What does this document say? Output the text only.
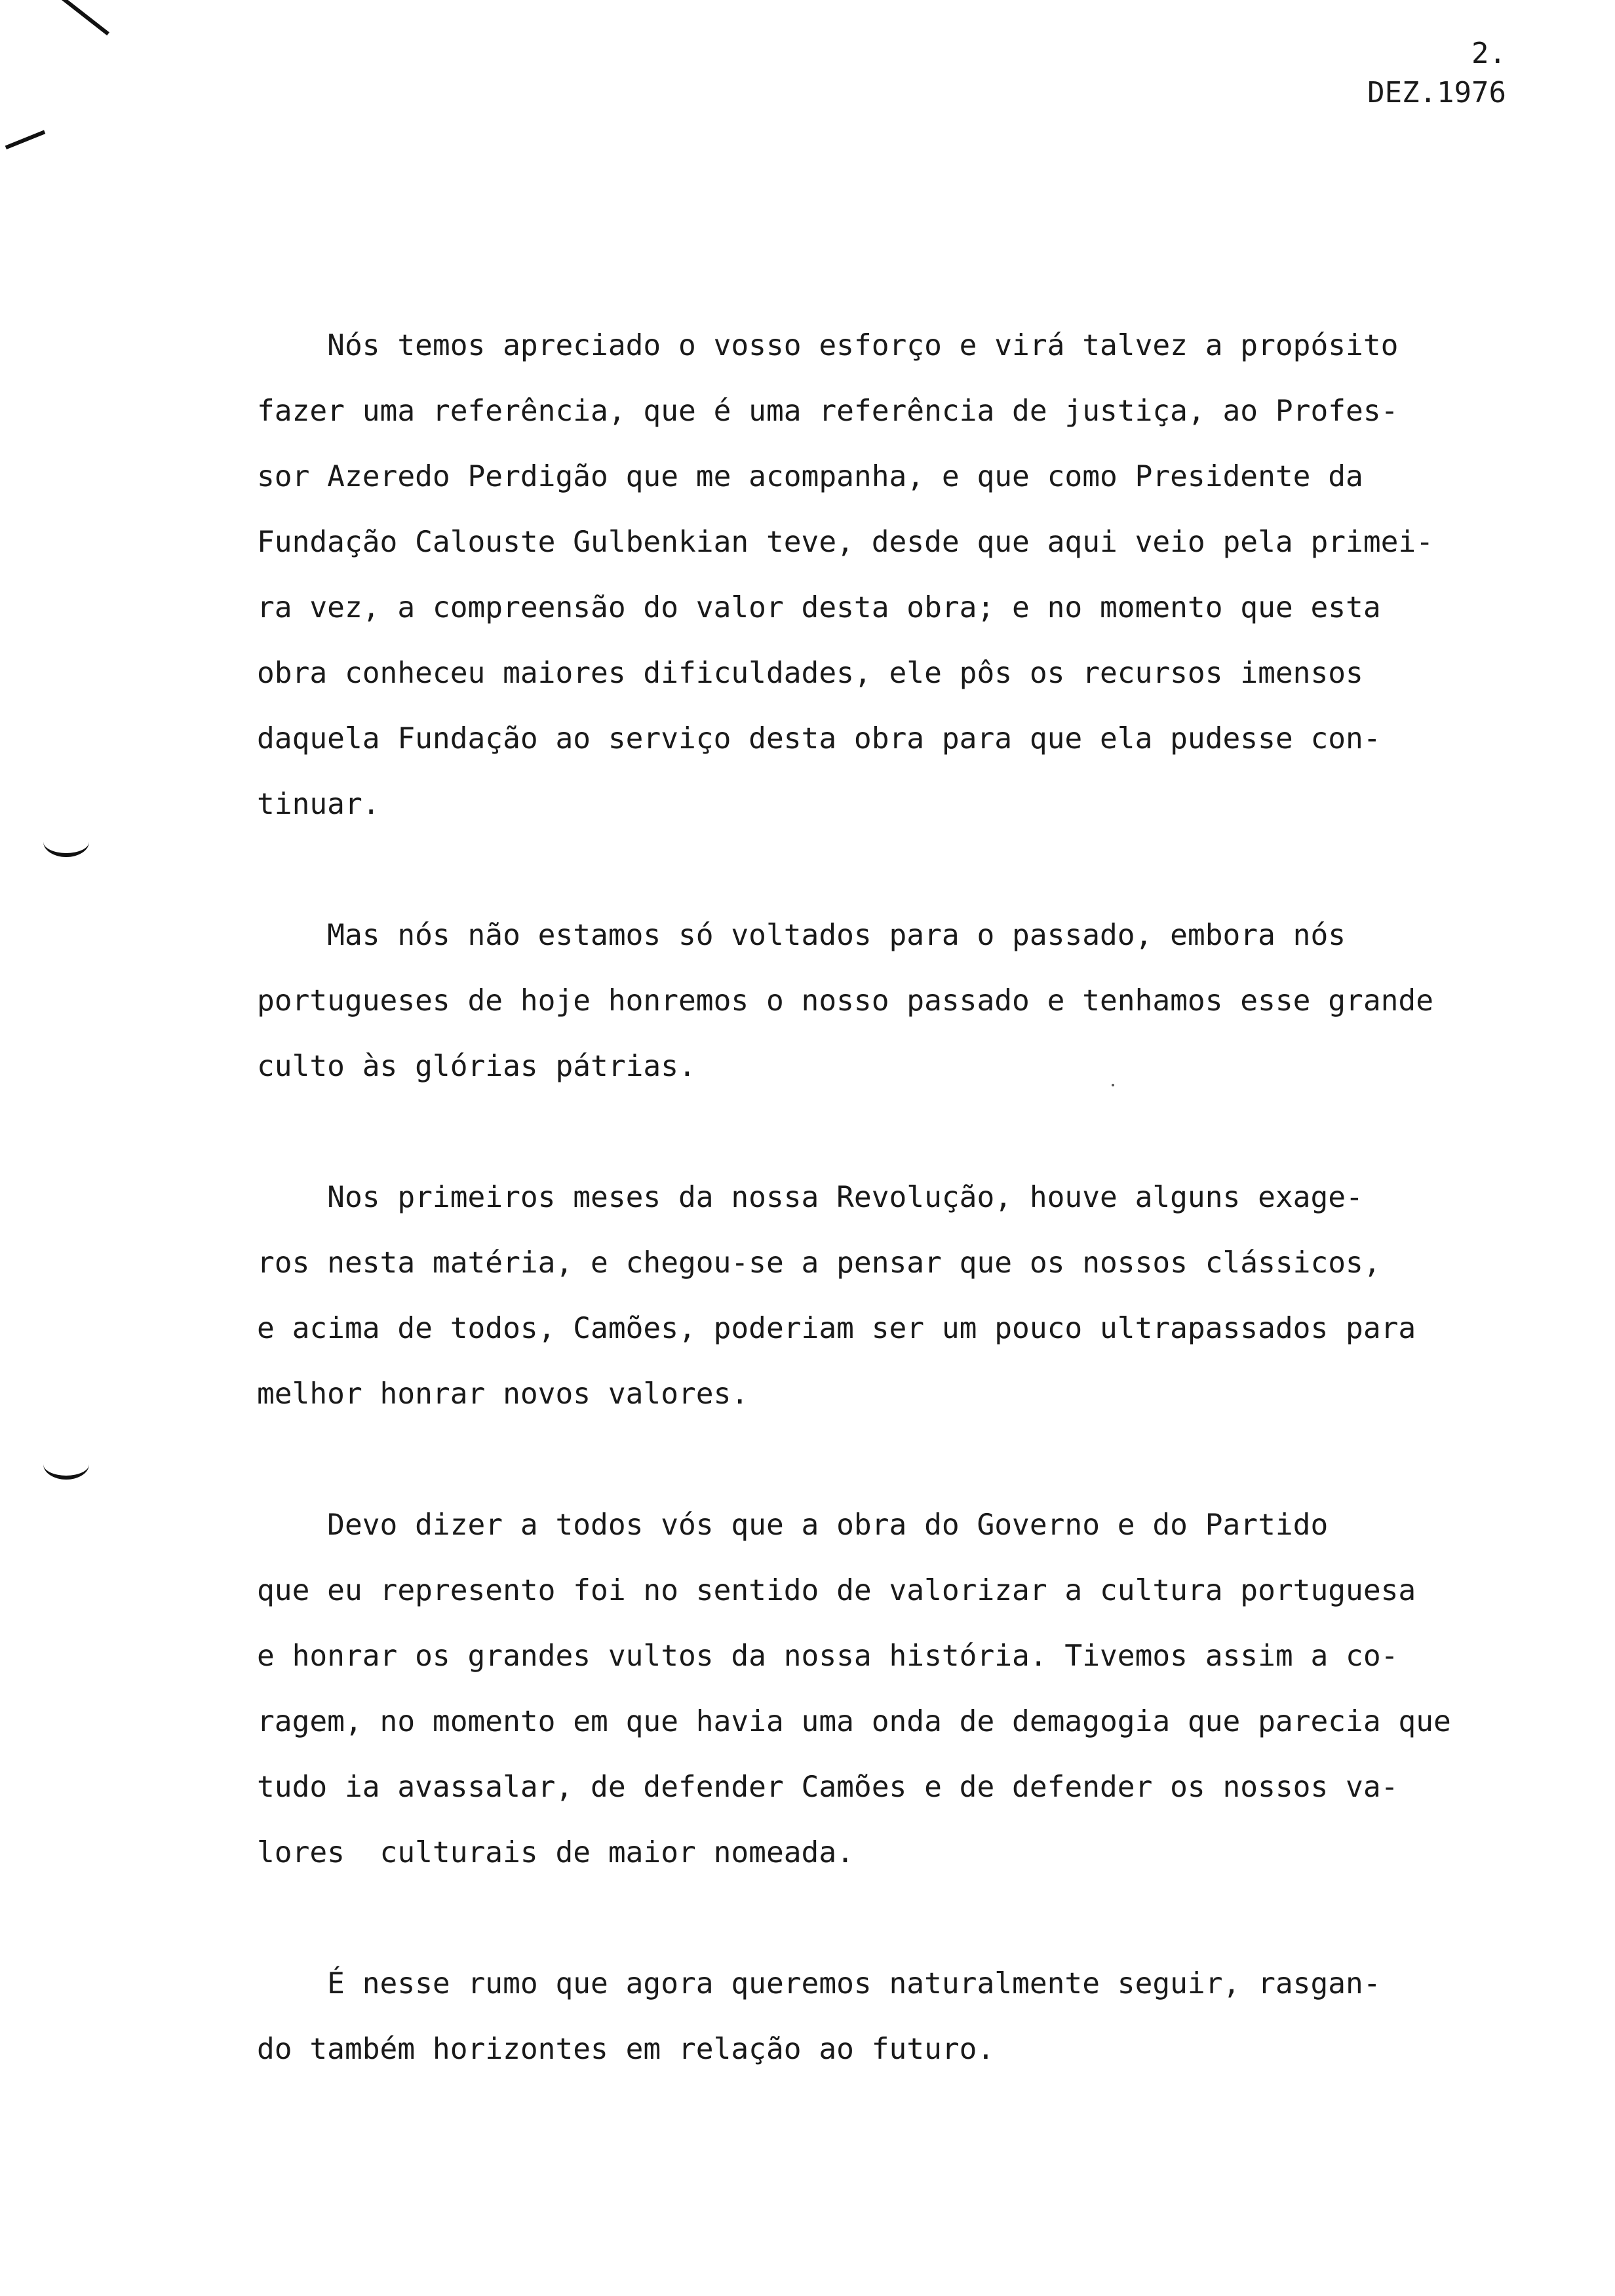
2.
DEZ.1976
Nós temos apreciado o vosso esforço e virá talvez a propósito
fazer uma referência, que é uma referência de justiça, ao Profes-
sor Azeredo Perdigão que me acompanha, e que como Presidente da
Fundação Calouste Gulbenkian teve, desde que aqui veio pela primei-
ra vez, a compreensão do valor desta obra; e no momento que esta
obra conheceu maiores dificuldades, ele pôs os recursos imensos
daquela Fundação ao serviço desta obra para que ela pudesse con-
tinuar.
Mas nós não estamos só voltados para o passado, embora nós
portugueses de hoje honremos o nosso passado e tenhamos esse grande
culto às glórias pátrias.
Nos primeiros meses da nossa Revolução, houve alguns exage-
ros nesta matéria, e chegou-se a pensar que os nossos clássicos,
e acima de todos, Camões, poderiam ser um pouco ultrapassados para
melhor honrar novos valores.
Devo dizer a todos vós que a obra do Governo e do Partido
que eu represento foi no sentido de valorizar a cultura portuguesa
e honrar os grandes vultos da nossa história. Tivemos assim a co-
ragem, no momento em que havia uma onda de demagogia que parecia que
tudo ia avassalar, de defender Camões e de defender os nossos va-
lores  culturais de maior nomeada.
É nesse rumo que agora queremos naturalmente seguir, rasgan-
do também horizontes em relação ao futuro.
